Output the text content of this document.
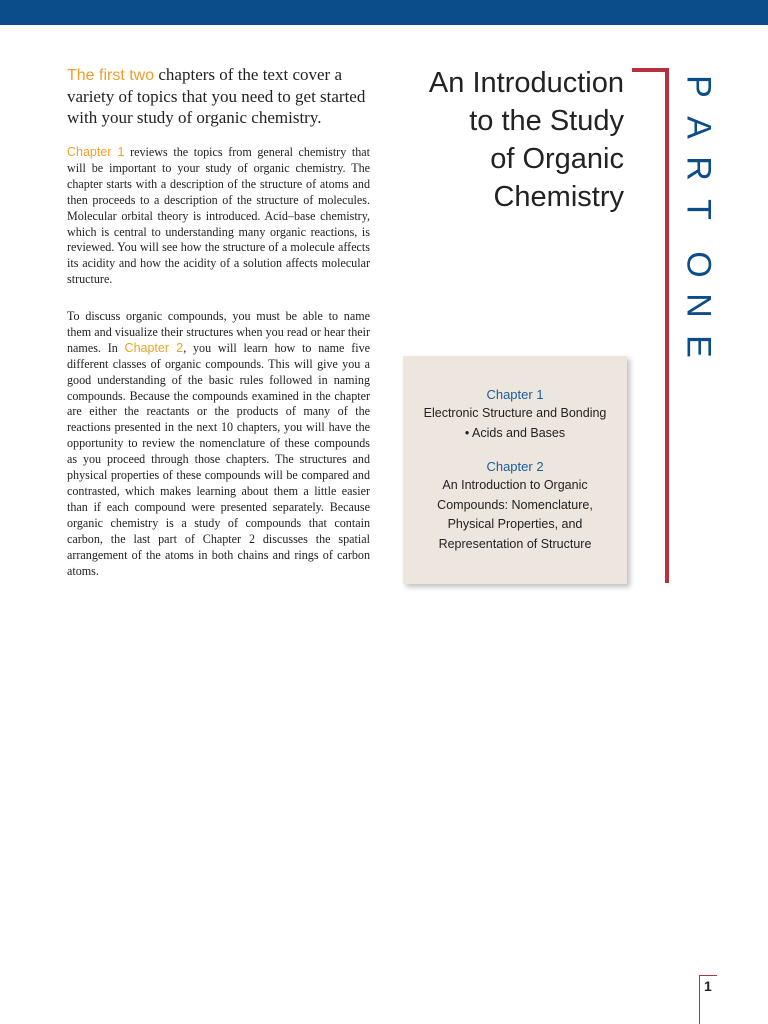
The first two chapters of the text cover a variety of topics that you need to get started with your study of organic chemistry.
Chapter 1 reviews the topics from general chemistry that will be important to your study of organic chemistry. The chapter starts with a description of the structure of atoms and then proceeds to a description of the structure of molecules. Molecular orbital theory is introduced. Acid–base chemistry, which is central to understanding many organic reactions, is reviewed. You will see how the structure of a molecule affects its acidity and how the acidity of a solution affects molecular structure.
To discuss organic compounds, you must be able to name them and visualize their structures when you read or hear their names. In Chapter 2, you will learn how to name five different classes of organic compounds. This will give you a good understanding of the basic rules followed in naming compounds. Because the compounds examined in the chapter are either the reactants or the products of many of the reactions presented in the next 10 chapters, you will have the opportunity to review the nomenclature of these compounds as you proceed through those chapters. The structures and physical properties of these compounds will be compared and contrasted, which makes learning about them a little easier than if each compound were presented separately. Because organic chemistry is a study of compounds that contain carbon, the last part of Chapter 2 discusses the spatial arrangement of the atoms in both chains and rings of carbon atoms.
An Introduction
to the Study
of Organic
Chemistry
P
A
R
T
O
N
E
Chapter 1
Electronic Structure and Bonding
• Acids and Bases
Chapter 2
An Introduction to Organic
Compounds: Nomenclature,
Physical Properties, and
Representation of Structure
1
